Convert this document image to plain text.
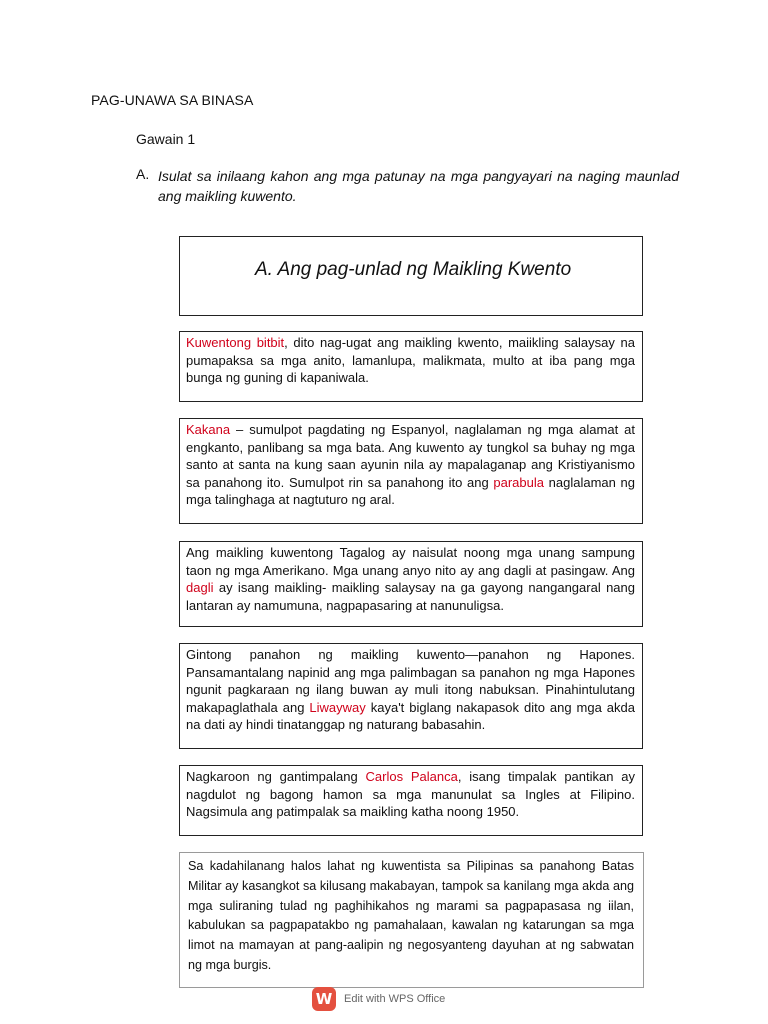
PAG-UNAWA SA BINASA
Gawain 1
A. Isulat sa inilaang kahon ang mga patunay na mga pangyayari na naging maunlad ang maikling kuwento.
A. Ang pag-unlad ng Maikling Kwento
Kuwentong bitbit, dito nag-ugat ang maikling kwento, maiikling salaysay na pumapaksa sa mga anito, lamanlupa, malikmata, multo at iba pang mga bunga ng guning di kapaniwala.
Kakana – sumulpot pagdating ng Espanyol, naglalaman ng mga alamat at engkanto, panlibang sa mga bata. Ang kuwento ay tungkol sa buhay ng mga santo at santa na kung saan ayunin nila ay mapalaganap ang Kristiyanismo sa panahong ito. Sumulpot rin sa panahong ito ang parabula naglalaman ng mga talinghaga at nagtuturo ng aral.
Ang maikling kuwentong Tagalog ay naisulat noong mga unang sampung taon ng mga Amerikano. Mga unang anyo nito ay ang dagli at pasingaw. Ang dagli ay isang maikling- maikling salaysay na ga gayong nangangaral nang lantaran ay namumuna, nagpapasaring at nanunuligsa.
Gintong panahon ng maikling kuwento—panahon ng Hapones. Pansamantalang napinid ang mga palimbagan sa panahon ng mga Hapones ngunit pagkaraan ng ilang buwan ay muli itong nabuksan. Pinahintulutang makapaglathala ang Liwayway kaya't biglang nakapasok dito ang mga akda na dati ay hindi tinatanggap ng naturang babasahin.
Nagkaroon ng gantimpalang Carlos Palanca, isang timpalak pantikan ay nagdulot ng bagong hamon sa mga manunulat sa Ingles at Filipino. Nagsimula ang patimpalak sa maikling katha noong 1950.
Sa kadahilanang halos lahat ng kuwentista sa Pilipinas sa panahong Batas Militar ay kasangkot sa kilusang makabayan, tampok sa kanilang mga akda ang mga suliraning tulad ng paghihikahos ng marami sa pagpapasasa ng iilan, kabulukan sa pagpapatakbo ng pamahalaan, kawalan ng katarungan sa mga limot na mamayan at pang-aalipin ng negosyanteng dayuhan at ng sabwatan ng mga burgis.
W	Edit with WPS Office
